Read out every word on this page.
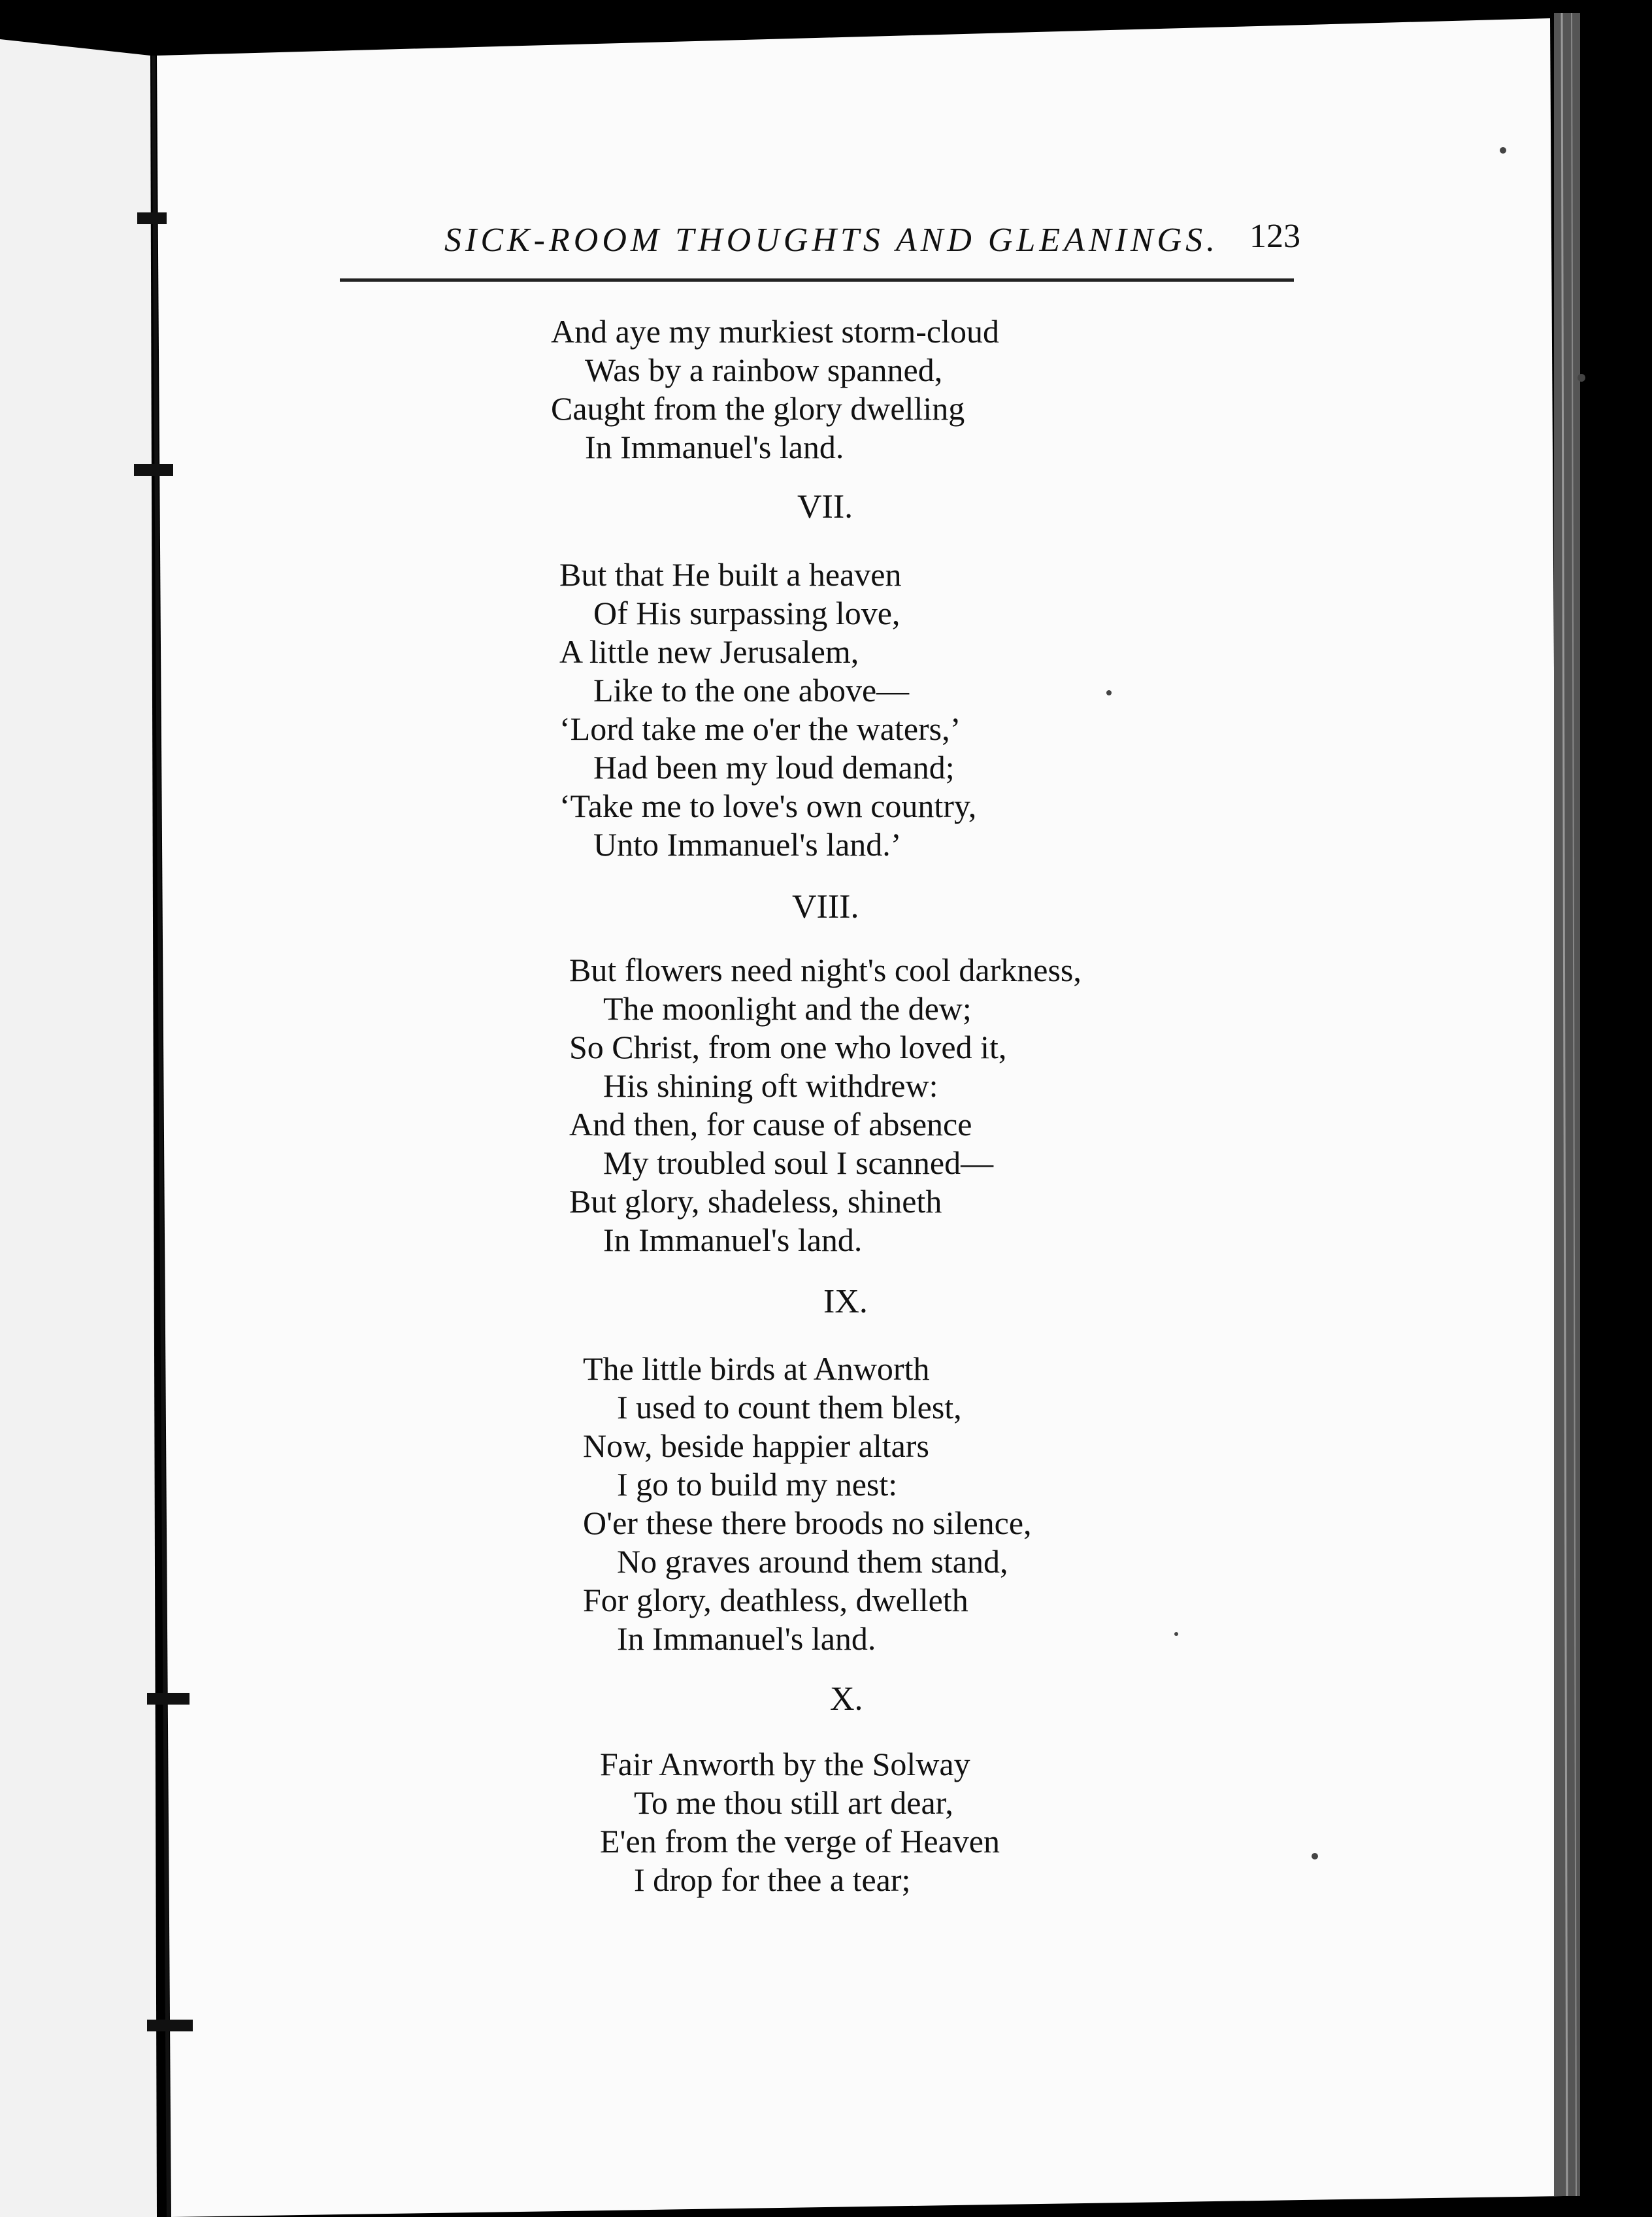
SICK-ROOM THOUGHTS AND GLEANINGS. 123
And aye my murkiest storm-cloud
Was by a rainbow spanned,
Caught from the glory dwelling
In Immanuel's land.
VII.
But that He built a heaven
Of His surpassing love,
A little new Jerusalem,
Like to the one above—
‘Lord take me o'er the waters,’
Had been my loud demand;
‘Take me to love's own country,
Unto Immanuel's land.’
VIII.
But flowers need night's cool darkness,
The moonlight and the dew;
So Christ, from one who loved it,
His shining oft withdrew:
And then, for cause of absence
My troubled soul I scanned—
But glory, shadeless, shineth
In Immanuel's land.
IX.
The little birds at Anworth
I used to count them blest,
Now, beside happier altars
I go to build my nest:
O'er these there broods no silence,
No graves around them stand,
For glory, deathless, dwelleth
In Immanuel's land.
X.
Fair Anworth by the Solway
To me thou still art dear,
E'en from the verge of Heaven
I drop for thee a tear;
